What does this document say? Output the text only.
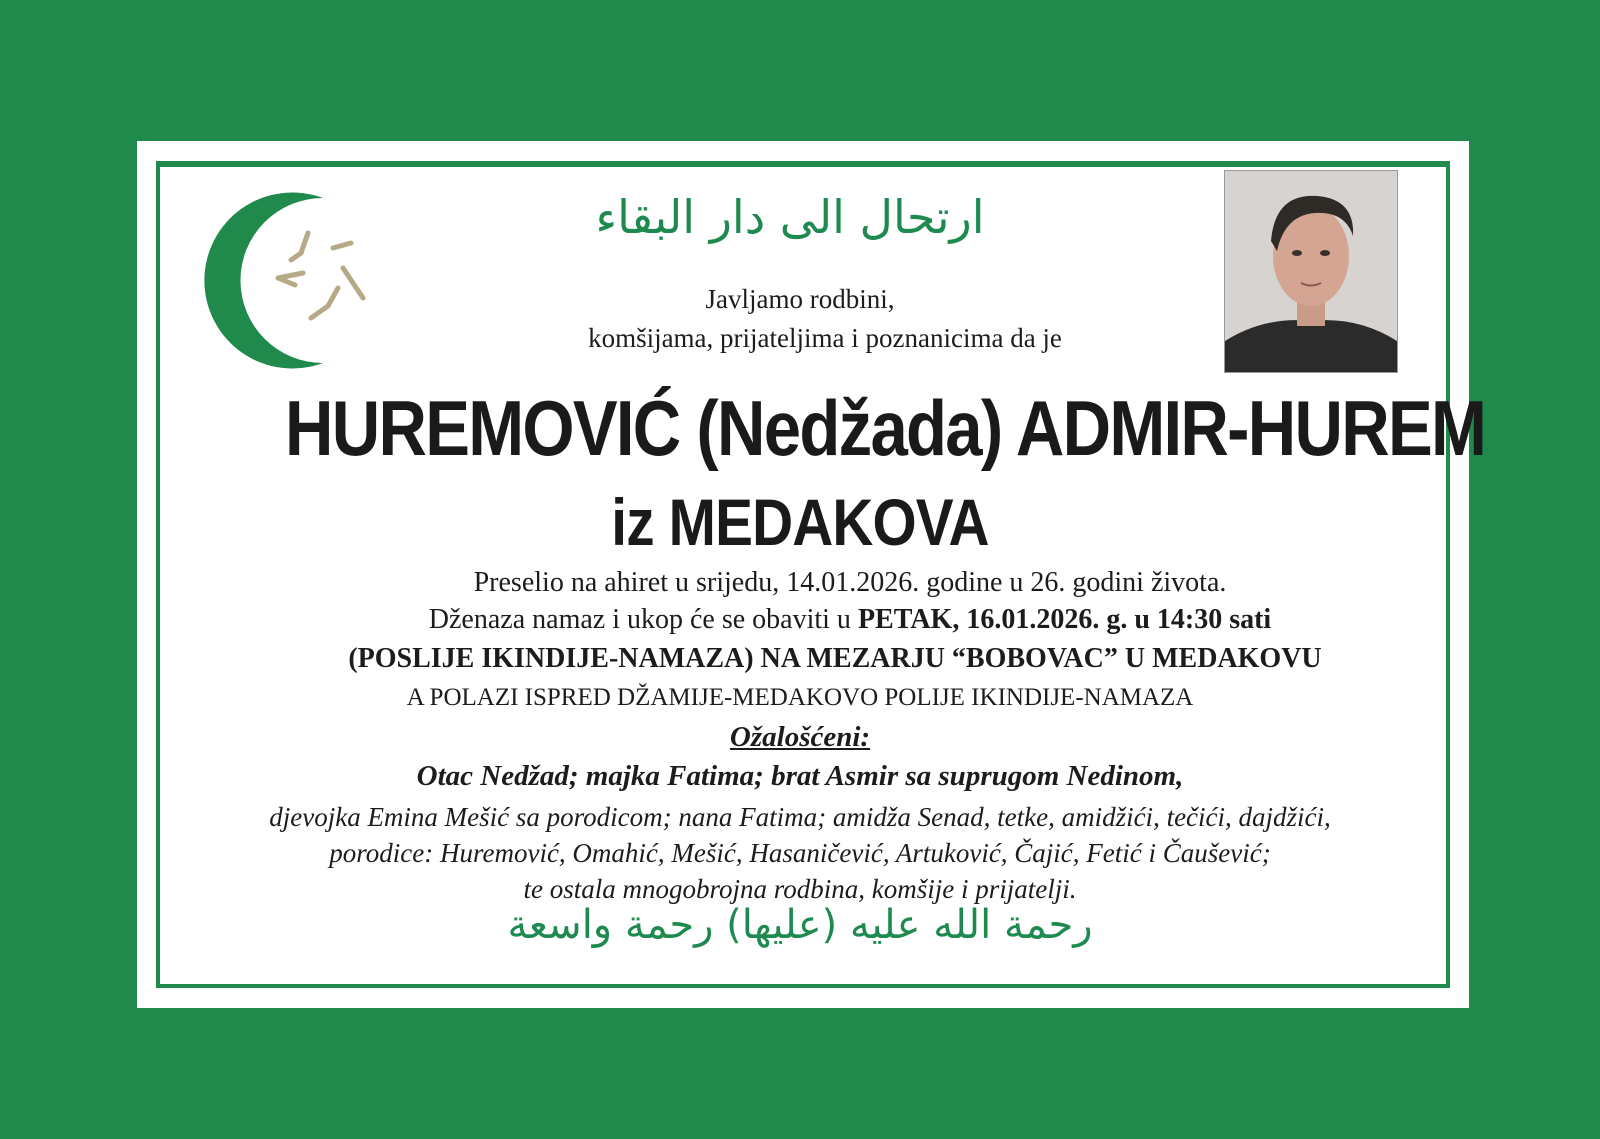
ارتحال الى دار البقاء
Javljamo rodbini,
komšijama, prijateljima i poznanicima da je
HUREMOVIĆ (Nedžada) ADMIR-HUREM
iz MEDAKOVA
Preselio na ahiret u srijedu, 14.01.2026. godine u 26. godini života.
Dženaza namaz i ukop će se obaviti u PETAK, 16.01.2026. g. u 14:30 sati
(POSLIJE IKINDIJE-NAMAZA) NA MEZARJU “BOBOVAC” U MEDAKOVU
A POLAZI ISPRED DŽAMIJE-MEDAKOVO POLIJE IKINDIJE-NAMAZA
Ožalošćeni:
Otac Nedžad; majka Fatima; brat Asmir sa suprugom Nedinom,
djevojka Emina Mešić sa porodicom; nana Fatima; amidža Senad, tetke, amidžići, tečići, dajdžići,
porodice: Huremović, Omahić, Mešić, Hasaničević, Artuković, Čajić, Fetić i Čaušević;
te ostala mnogobrojna rodbina, komšije i prijatelji.
رحمة الله عليه (عليها) رحمة واسعة
